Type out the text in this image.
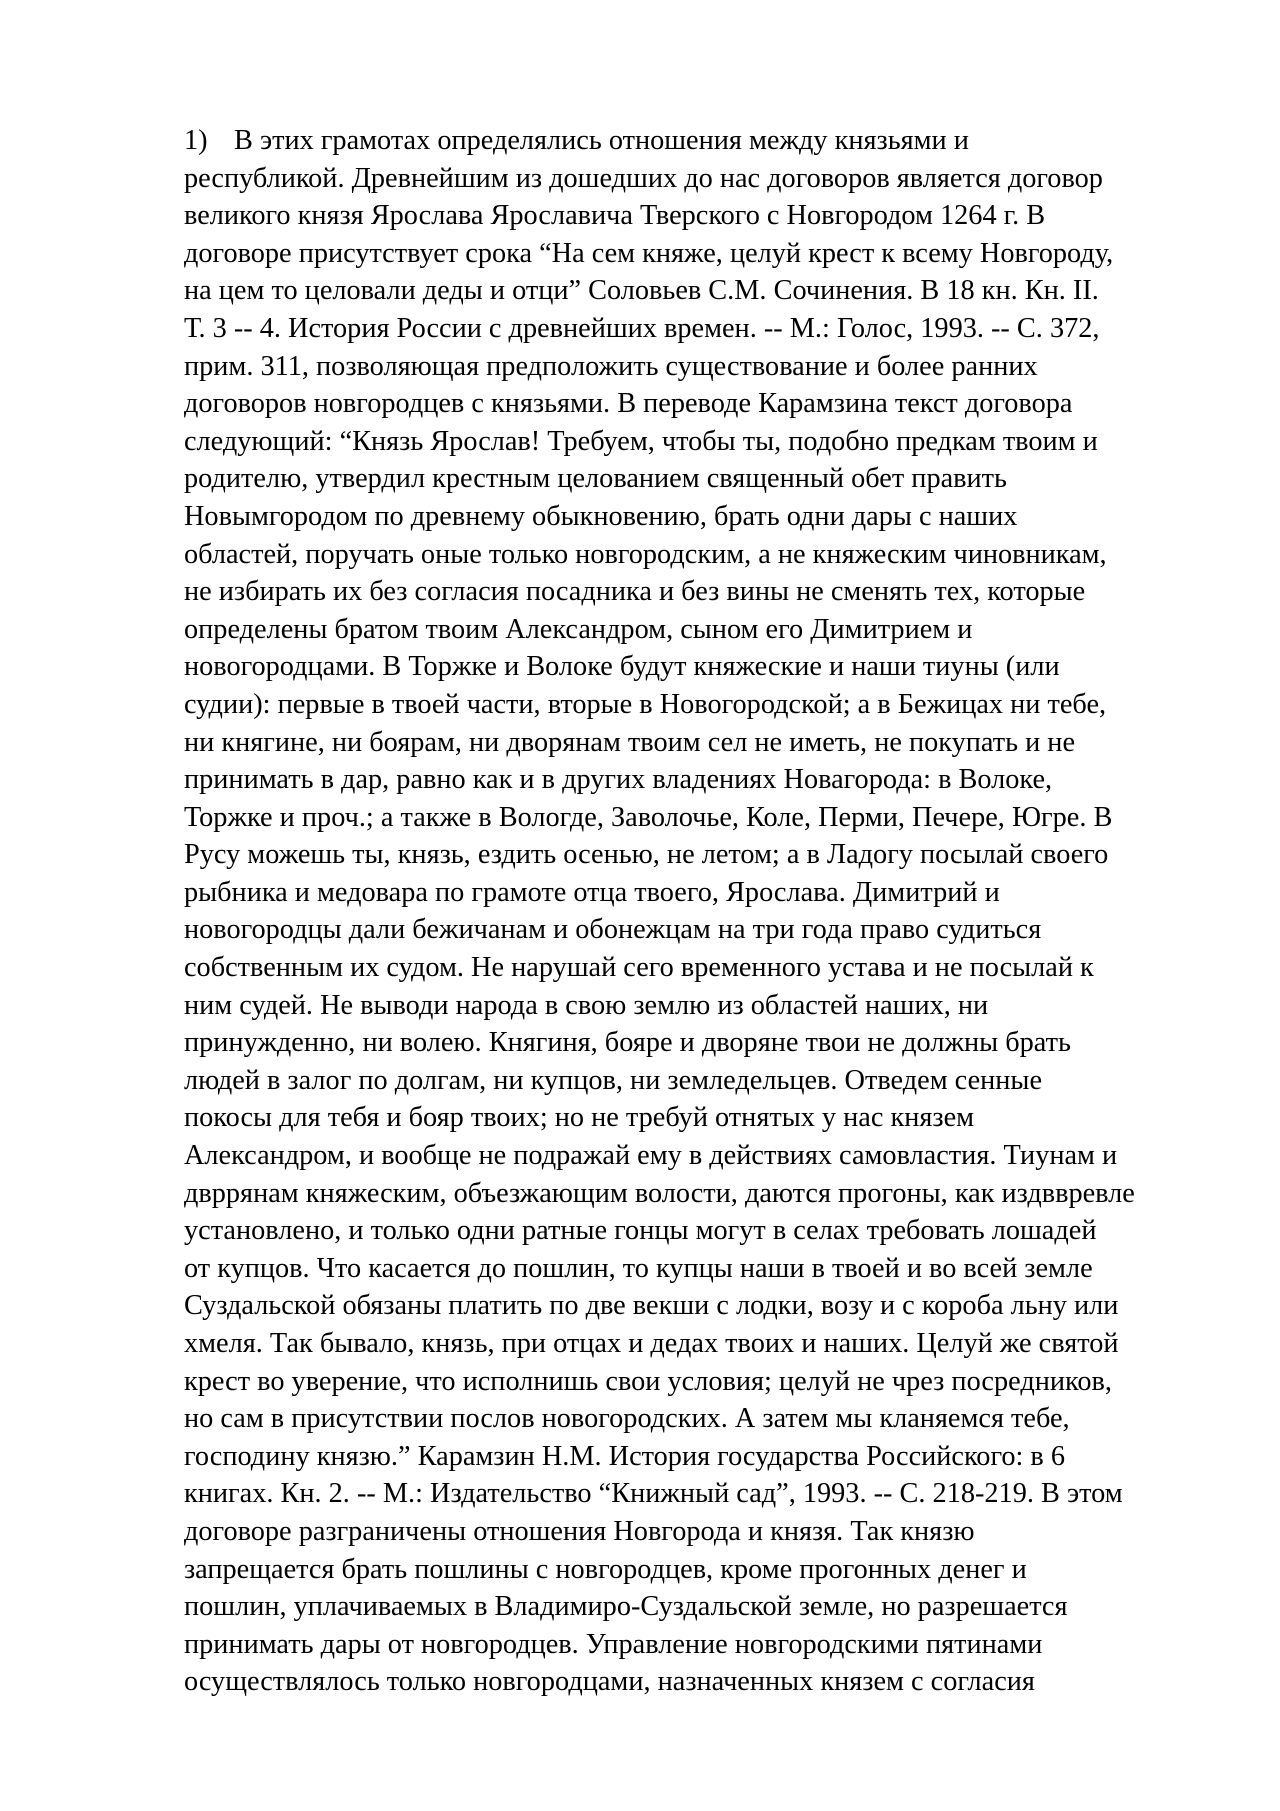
1) В этих грамотах определялись отношения между князьями и
республикой. Древнейшим из дошедших до нас договоров является договор
великого князя Ярослава Ярославича Тверского с Новгородом 1264 г. В
договоре присутствует срока “На сем княже, целуй крест к всему Новгороду,
на цем то целовали деды и отци” Соловьев С.М. Сочинения. В 18 кн. Кн. II.
Т. 3 -- 4. История России с древнейших времен. -- М.: Голос, 1993. -- С. 372,
прим. 311, позволяющая предположить существование и более ранних
договоров новгородцев с князьями. В переводе Карамзина текст договора
следующий: “Князь Ярослав! Требуем, чтобы ты, подобно предкам твоим и
родителю, утвердил крестным целованием священный обет править
Новымгородом по древнему обыкновению, брать одни дары с наших
областей, поручать оные только новгородским, а не княжеским чиновникам,
не избирать их без согласия посадника и без вины не сменять тех, которые
определены братом твоим Александром, сыном его Димитрием и
новогородцами. В Торжке и Волоке будут княжеские и наши тиуны (или
судии): первые в твоей части, вторые в Новогородской; а в Бежицах ни тебе,
ни княгине, ни боярам, ни дворянам твоим сел не иметь, не покупать и не
принимать в дар, равно как и в других владениях Новагорода: в Волоке,
Торжке и проч.; а также в Вологде, Заволочье, Коле, Перми, Печере, Югре. В
Русу можешь ты, князь, ездить осенью, не летом; а в Ладогу посылай своего
рыбника и медовара по грамоте отца твоего, Ярослава. Димитрий и
новогородцы дали бежичанам и обонежцам на три года право судиться
собственным их судом. Не нарушай сего временного устава и не посылай к
ним судей. Не выводи народа в свою землю из областей наших, ни
принужденно, ни волею. Княгиня, бояре и дворяне твои не должны брать
людей в залог по долгам, ни купцов, ни земледельцев. Отведем сенные
покосы для тебя и бояр твоих; но не требуй отнятых у нас князем
Александром, и вообще не подражай ему в действиях самовластия. Тиунам и
двррянам княжеским, объезжающим волости, даются прогоны, как издввревле
установлено, и только одни ратные гонцы могут в селах требовать лошадей
от купцов. Что касается до пошлин, то купцы наши в твоей и во всей земле
Суздальской обязаны платить по две векши с лодки, возу и с короба льну или
хмеля. Так бывало, князь, при отцах и дедах твоих и наших. Целуй же святой
крест во уверение, что исполнишь свои условия; целуй не чрез посредников,
но сам в присутствии послов новогородских. А затем мы кланяемся тебе,
господину князю.” Карамзин Н.М. История государства Российского: в 6
книгах. Кн. 2. -- М.: Издательство “Книжный сад”, 1993. -- С. 218-219. В этом
договоре разграничены отношения Новгорода и князя. Так князю
запрещается брать пошлины с новгородцев, кроме прогонных денег и
пошлин, уплачиваемых в Владимиро-Суздальской земле, но разрешается
принимать дары от новгородцев. Управление новгородскими пятинами
осуществлялось только новгородцами, назначенных князем с согласия
